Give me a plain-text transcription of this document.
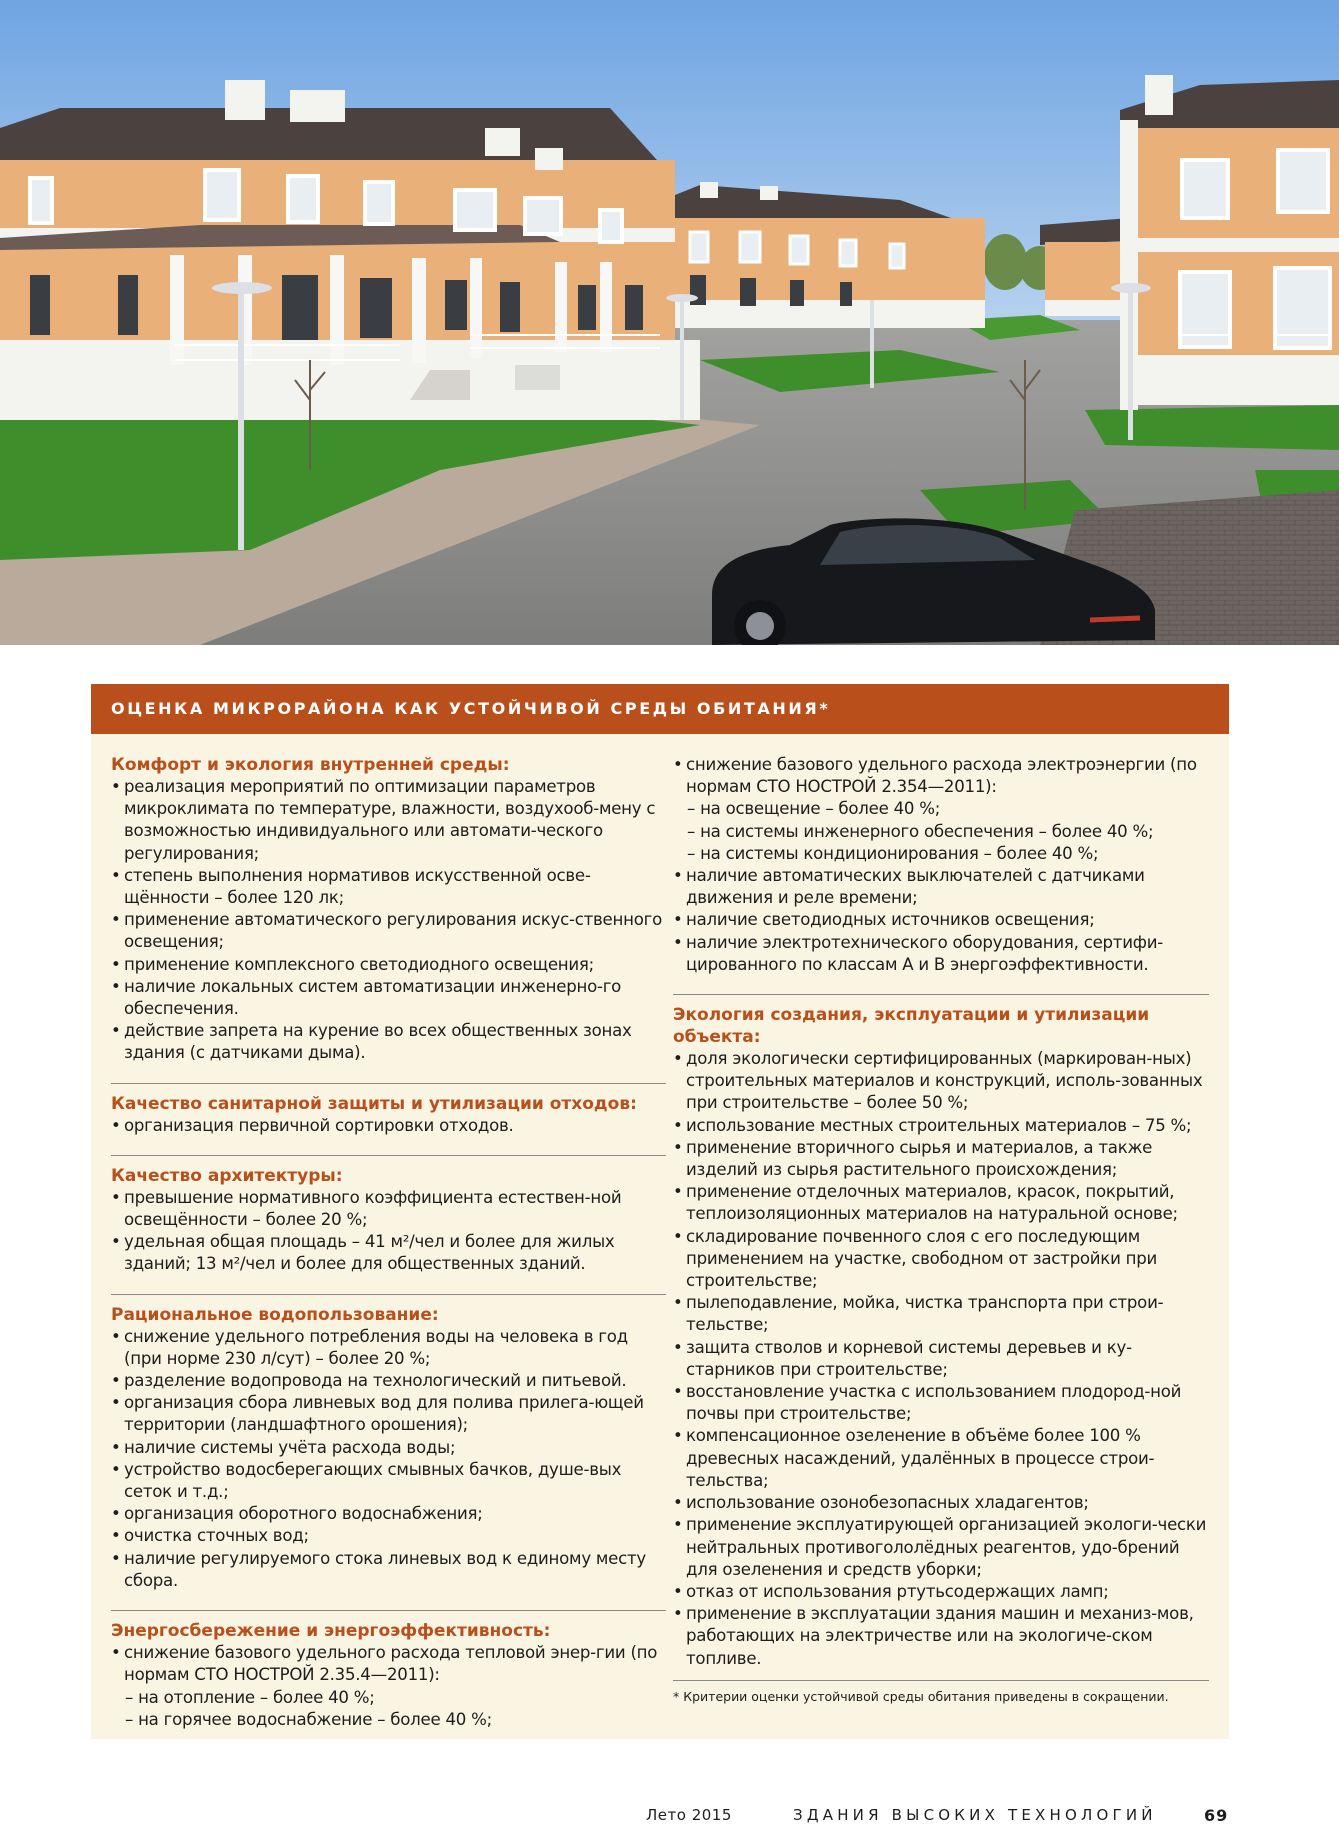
ОЦЕНКА МИКРОРАЙОНА КАК УСТОЙЧИВОЙ СРЕДЫ ОБИТАНИЯ*
Комфорт и экология внутренней среды:
• реализация мероприятий по оптимизации параметров микроклимата по температуре, влажности, воздухооб-мену с возможностью индивидуального или автомати-ческого регулирования;
• степень выполнения нормативов искусственной осве-щённости – более 120 лк;
• применение автоматического регулирования искус-ственного освещения;
• применение комплексного светодиодного освещения;
• наличие локальных систем автоматизации инженерно-го обеспечения.
• действие запрета на курение во всех общественных зонах здания (с датчиками дыма).
Качество санитарной защиты и утилизации отходов:
• организация первичной сортировки отходов.
Качество архитектуры:
• превышение нормативного коэффициента естествен-ной освещённости – более 20 %;
• удельная общая площадь – 41 м²/чел и более для жилых зданий; 13 м²/чел и более для общественных зданий.
Рациональное водопользование:
• снижение удельного потребления воды на человека в год (при норме 230 л/сут) – более 20 %;
• разделение водопровода на технологический и питьевой.
• организация сбора ливневых вод для полива прилега-ющей территории (ландшафтного орошения);
• наличие системы учёта расхода воды;
• устройство водосберегающих смывных бачков, душе-вых сеток и т.д.;
• организация оборотного водоснабжения;
• очистка сточных вод;
• наличие регулируемого стока линевых вод к единому месту сбора.
Энергосбережение и энергоэффективность:
• снижение базового удельного расхода тепловой энер-гии (по нормам СТО НОСТРОЙ 2.35.4—2011):
– на отопление – более 40 %;
– на горячее водоснабжение – более 40 %;
• снижение базового удельного расхода электроэнергии (по нормам СТО НОСТРОЙ 2.354—2011):
– на освещение – более 40 %;
– на системы инженерного обеспечения – более 40 %;
– на системы кондиционирования – более 40 %;
• наличие автоматических выключателей с датчиками движения и реле времени;
• наличие светодиодных источников освещения;
• наличие электротехнического оборудования, сертифи-цированного по классам А и В энергоэффективности.
Экология создания, эксплуатации и утилизации объекта:
• доля экологически сертифицированных (маркирован-ных) строительных материалов и конструкций, исполь-зованных при строительстве – более 50 %;
• использование местных строительных материалов – 75 %;
• применение вторичного сырья и материалов, а также изделий из сырья растительного происхождения;
• применение отделочных материалов, красок, покрытий, теплоизоляционных материалов на натуральной основе;
• складирование почвенного слоя с его последующим применением на участке, свободном от застройки при строительстве;
• пылеподавление, мойка, чистка транспорта при строи-тельстве;
• защита стволов и корневой системы деревьев и ку-старников при строительстве;
• восстановление участка с использованием плодород-ной почвы при строительстве;
• компенсационное озеленение в объёме более 100 % древесных насаждений, удалённых в процессе строи-тельства;
• использование озонобезопасных хладагентов;
• применение эксплуатирующей организацией экологи-чески нейтральных противогололёдных реагентов, удо-брений для озеленения и средств уборки;
• отказ от использования ртутьсодержащих ламп;
• применение в эксплуатации здания машин и механиз-мов, работающих на электричестве или на экологиче-ском топливе.
* Критерии оценки устойчивой среды обитания приведены в сокращении.
Лето 2015	ЗДАНИЯ ВЫСОКИХ ТЕХНОЛОГИЙ	69
